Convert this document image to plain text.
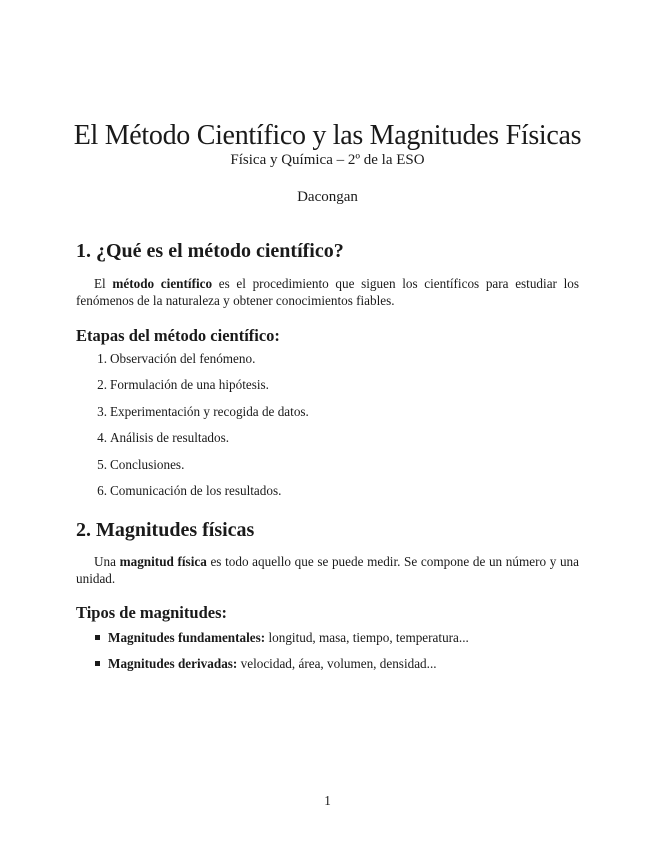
El Método Científico y las Magnitudes Físicas
Física y Química – 2º de la ESO
Dacongan
1. ¿Qué es el método científico?
El método científico es el procedimiento que siguen los científicos para estudiar los fenómenos de la naturaleza y obtener conocimientos fiables.
Etapas del método científico:
1. Observación del fenómeno.
2. Formulación de una hipótesis.
3. Experimentación y recogida de datos.
4. Análisis de resultados.
5. Conclusiones.
6. Comunicación de los resultados.
2. Magnitudes físicas
Una magnitud física es todo aquello que se puede medir. Se compone de un número y una unidad.
Tipos de magnitudes:
Magnitudes fundamentales: longitud, masa, tiempo, temperatura...
Magnitudes derivadas: velocidad, área, volumen, densidad...
1
